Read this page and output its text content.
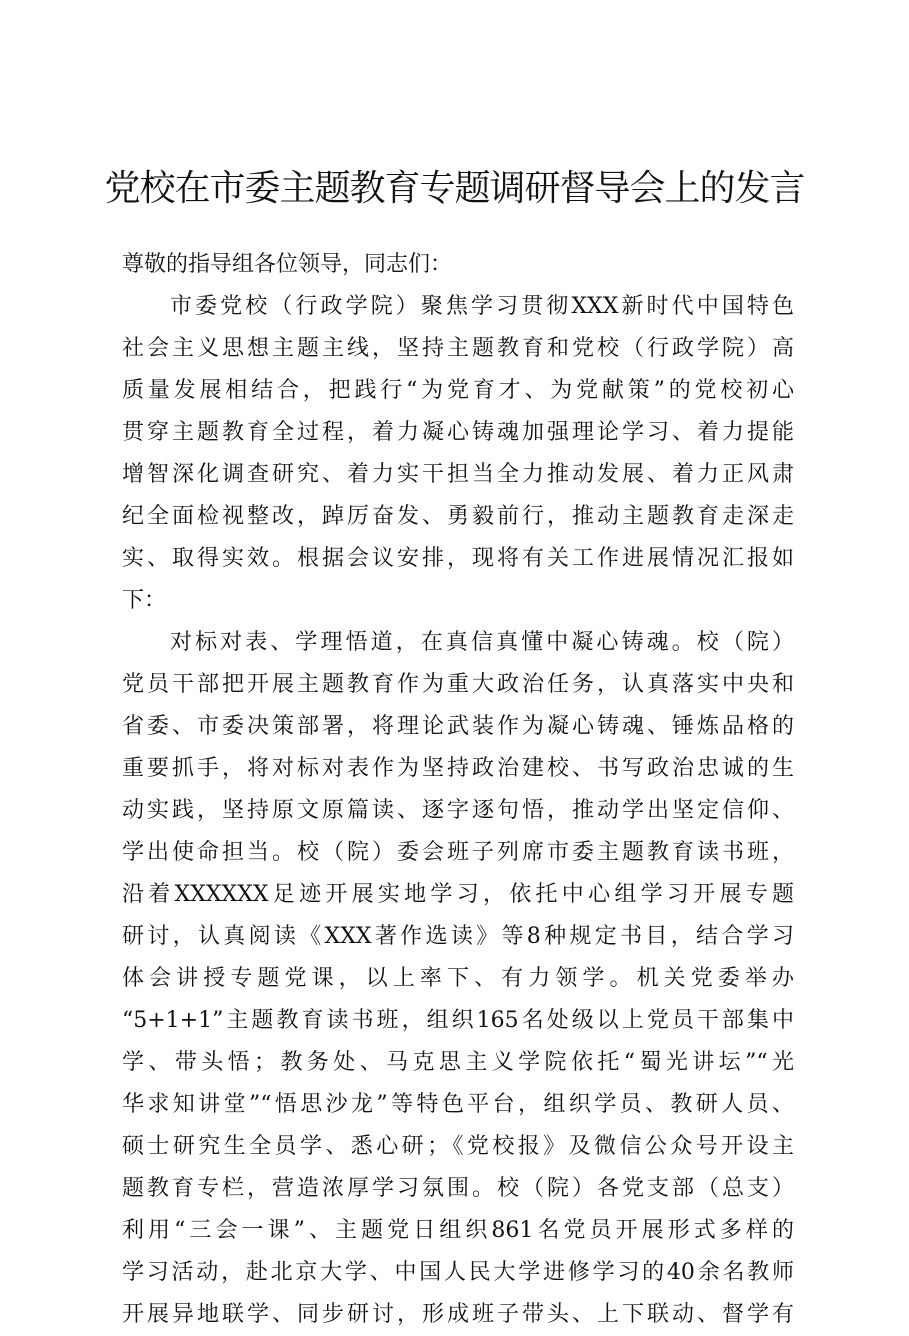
党校在市委主题教育专题调研督导会上的发言
尊敬的指导组各位领导，同志们：
市委党校（行政学院）聚焦学习贯彻XXX新时代中国特色
社会主义思想主题主线，坚持主题教育和党校（行政学院）高
质量发展相结合，把践行“为党育才、为党献策”的党校初心
贯穿主题教育全过程，着力凝心铸魂加强理论学习、着力提能
增智深化调查研究、着力实干担当全力推动发展、着力正风肃
纪全面检视整改，踔厉奋发、勇毅前行，推动主题教育走深走
实、取得实效。根据会议安排，现将有关工作进展情况汇报如
下：
对标对表、学理悟道，在真信真懂中凝心铸魂。校（院）
党员干部把开展主题教育作为重大政治任务，认真落实中央和
省委、市委决策部署，将理论武装作为凝心铸魂、锤炼品格的
重要抓手，将对标对表作为坚持政治建校、书写政治忠诚的生
动实践，坚持原文原篇读、逐字逐句悟，推动学出坚定信仰、
学出使命担当。校（院）委会班子列席市委主题教育读书班，
沿着XXXXXX足迹开展实地学习，依托中心组学习开展专题
研讨，认真阅读《XXX著作选读》等8种规定书目，结合学习
体会讲授专题党课，以上率下、有力领学。机关党委举办
“5+1+1”主题教育读书班，组织165名处级以上党员干部集中
学、带头悟；教务处、马克思主义学院依托“蜀光讲坛”“光
华求知讲堂”“悟思沙龙”等特色平台，组织学员、教研人员、
硕士研究生全员学、悉心研；《党校报》及微信公众号开设主
题教育专栏，营造浓厚学习氛围。校（院）各党支部（总支）
利用“三会一课”、主题党日组织861名党员开展形式多样的
学习活动，赴北京大学、中国人民大学进修学习的40余名教师
开展异地联学、同步研讨，形成班子带头、上下联动、督学有
